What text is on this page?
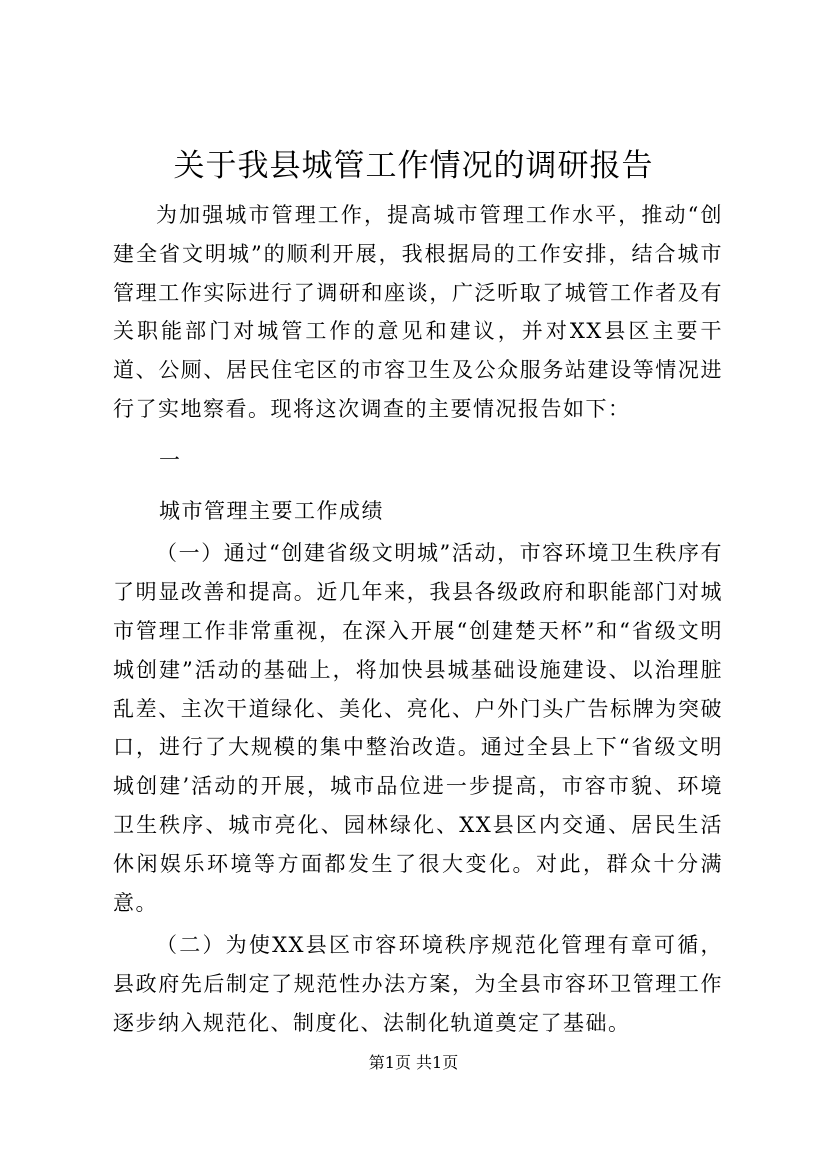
关于我县城管工作情况的调研报告

为加强城市管理工作，提高城市管理工作水平，推动“创建全省文明城”的顺利开展，我根据局的工作安排，结合城市管理工作实际进行了调研和座谈，广泛听取了城管工作者及有关职能部门对城管工作的意见和建议，并对XX县区主要干道、公厕、居民住宅区的市容卫生及公众服务站建设等情况进行了实地察看。现将这次调查的主要情况报告如下：

一

城市管理主要工作成绩

（一）通过“创建省级文明城”活动，市容环境卫生秩序有了明显改善和提高。近几年来，我县各级政府和职能部门对城市管理工作非常重视，在深入开展“创建楚天杯”和“省级文明城创建”活动的基础上，将加快县城基础设施建设、以治理脏乱差、主次干道绿化、美化、亮化、户外门头广告标牌为突破口，进行了大规模的集中整治改造。通过全县上下“省级文明城创建’活动的开展，城市品位进一步提高，市容市貌、环境卫生秩序、城市亮化、园林绿化、XX县区内交通、居民生活休闲娱乐环境等方面都发生了很大变化。对此，群众十分满意。

（二）为使XX县区市容环境秩序规范化管理有章可循，县政府先后制定了规范性办法方案，为全县市容环卫管理工作逐步纳入规范化、制度化、法制化轨道奠定了基础。

第1页 共1页
